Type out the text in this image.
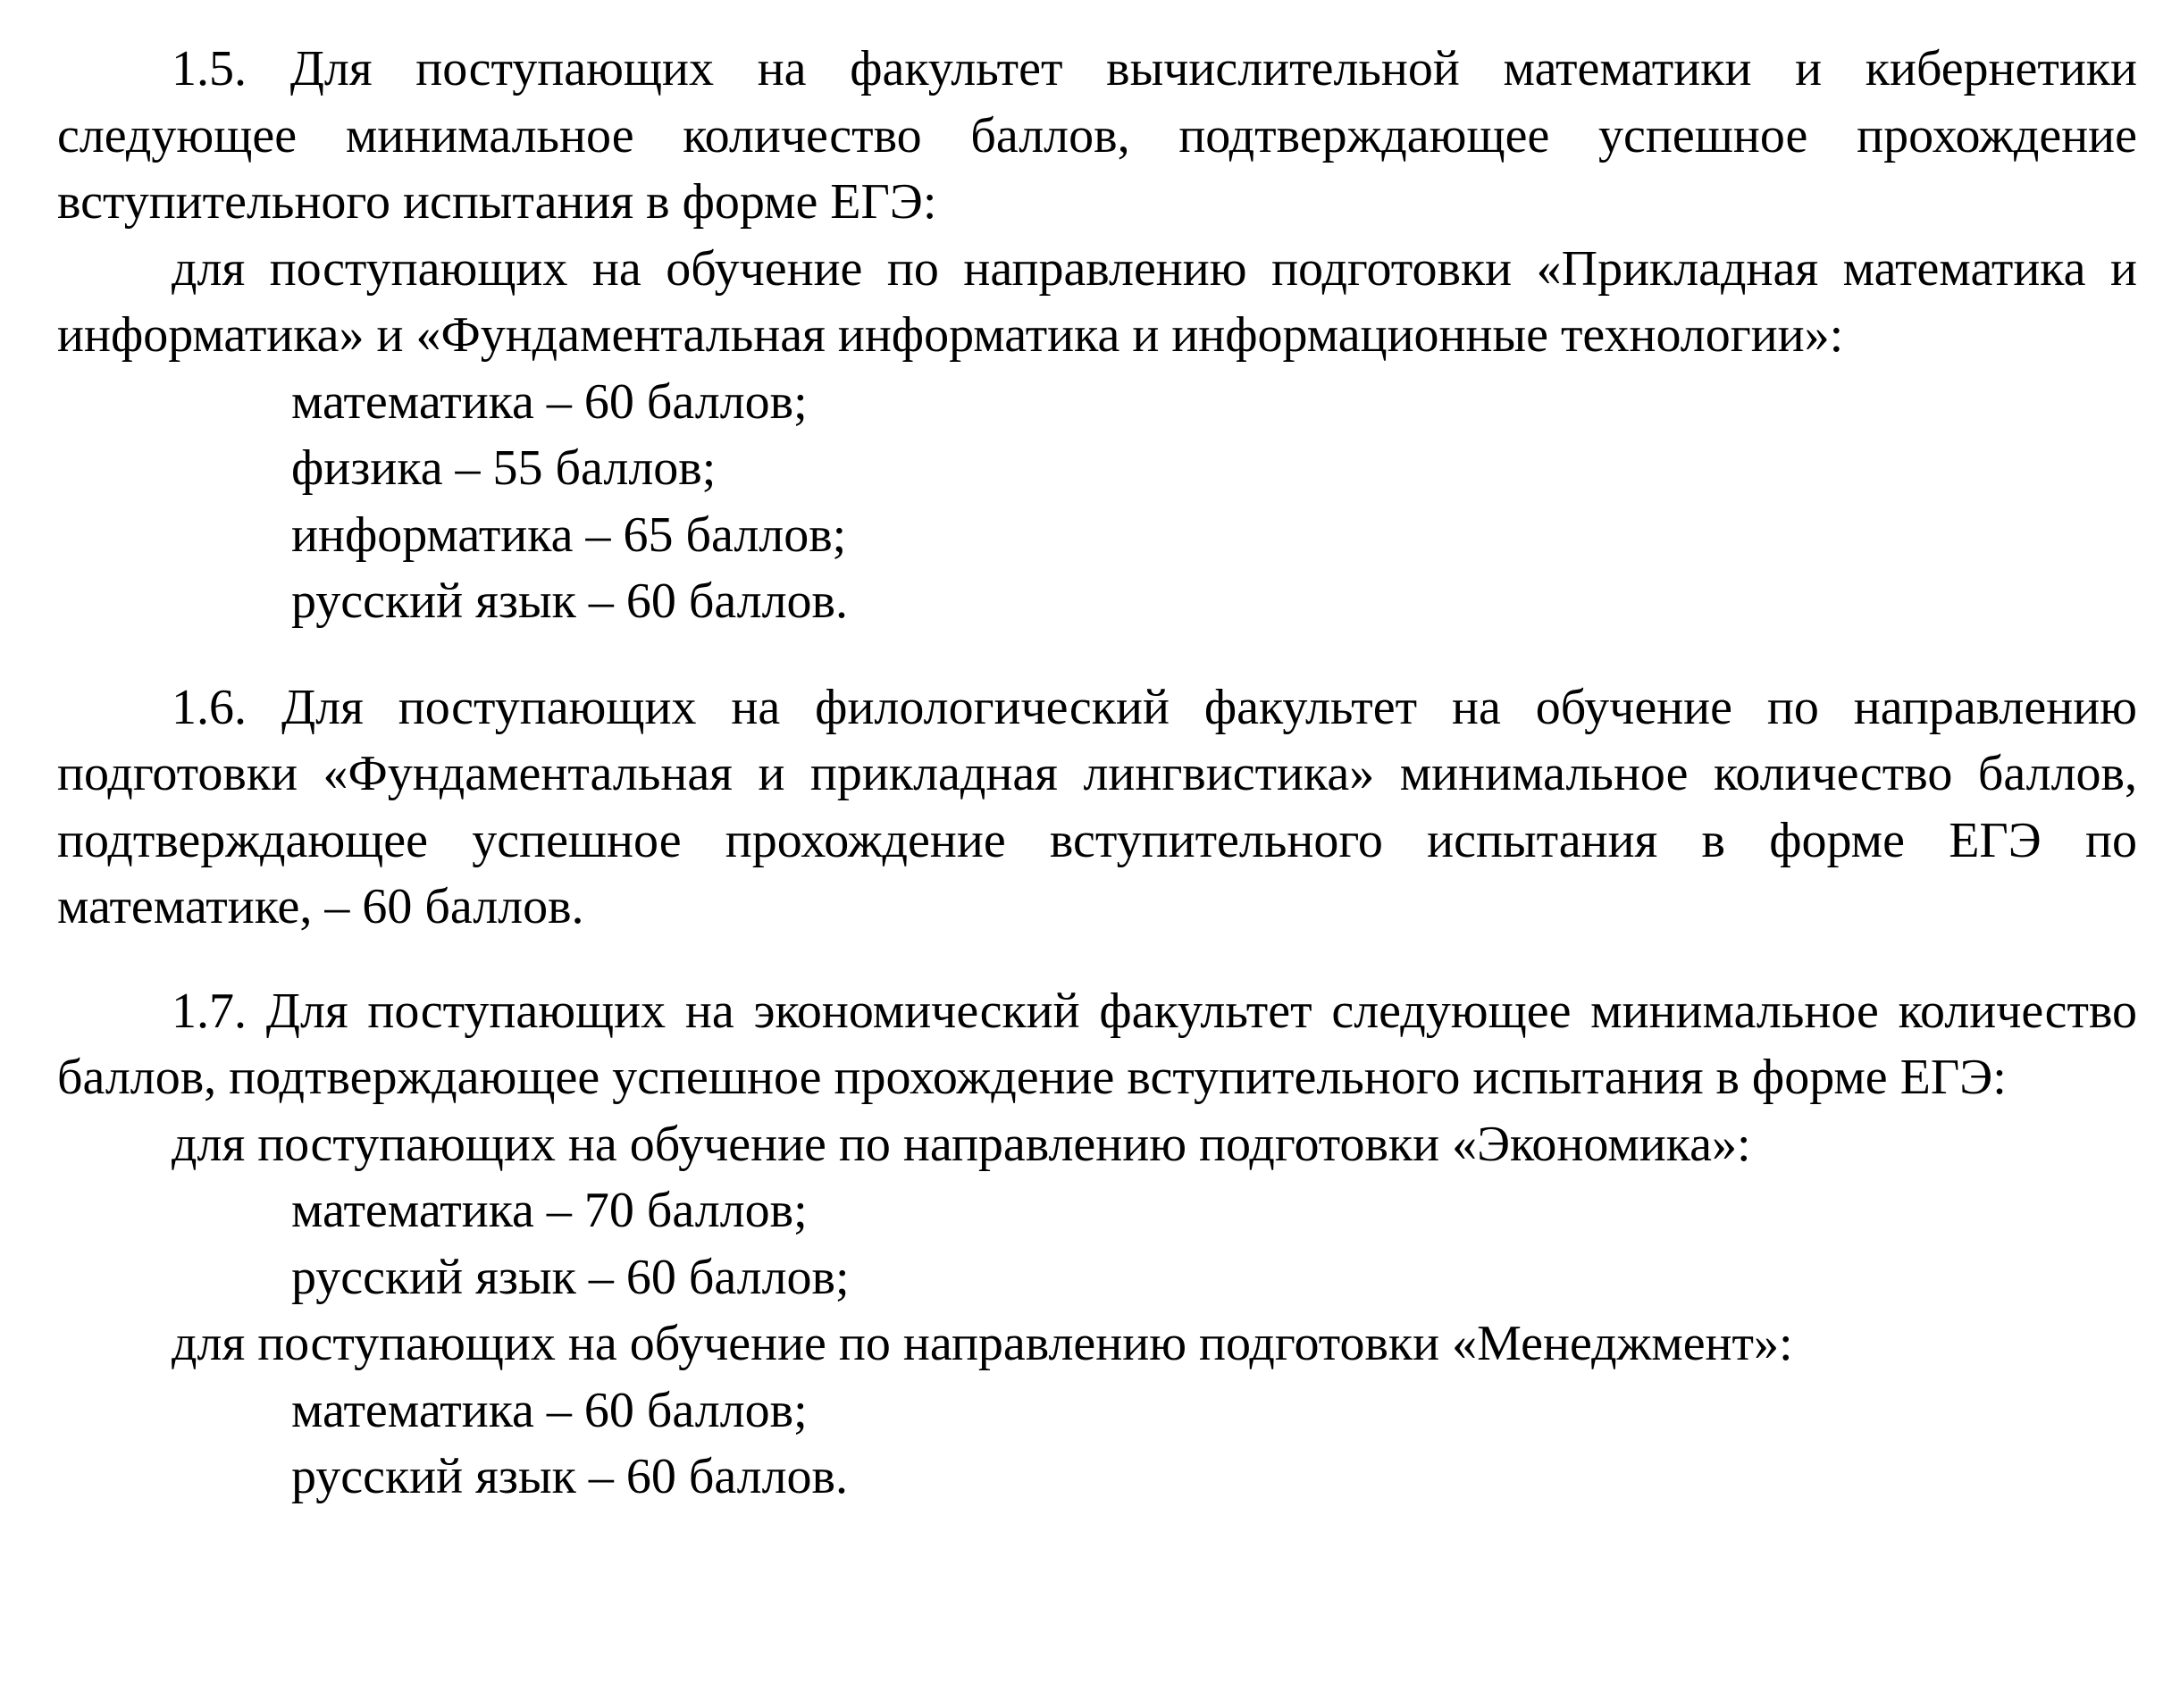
1.5. Для поступающих на факультет вычислительной математики и кибернетики следующее минимальное количество баллов, подтверждающее успешное прохождение вступительного испытания в форме ЕГЭ:

для поступающих на обучение по направлению подготовки «Прикладная математика и информатика» и «Фундаментальная информатика и информационные технологии»:

математика – 60 баллов;

физика – 55 баллов;

информатика – 65 баллов;

русский язык – 60 баллов.

1.6. Для поступающих на филологический факультет на обучение по направлению подготовки «Фундаментальная и прикладная лингвистика» минимальное количество баллов, подтверждающее успешное прохождение вступительного испытания в форме ЕГЭ по математике, – 60 баллов.

1.7. Для поступающих на экономический факультет следующее минимальное количество баллов, подтверждающее успешное прохождение вступительного испытания в форме ЕГЭ:

для поступающих на обучение по направлению подготовки «Экономика»:

математика – 70 баллов;

русский язык – 60 баллов;

для поступающих на обучение по направлению подготовки «Менеджмент»:

математика – 60 баллов;

русский язык – 60 баллов.
